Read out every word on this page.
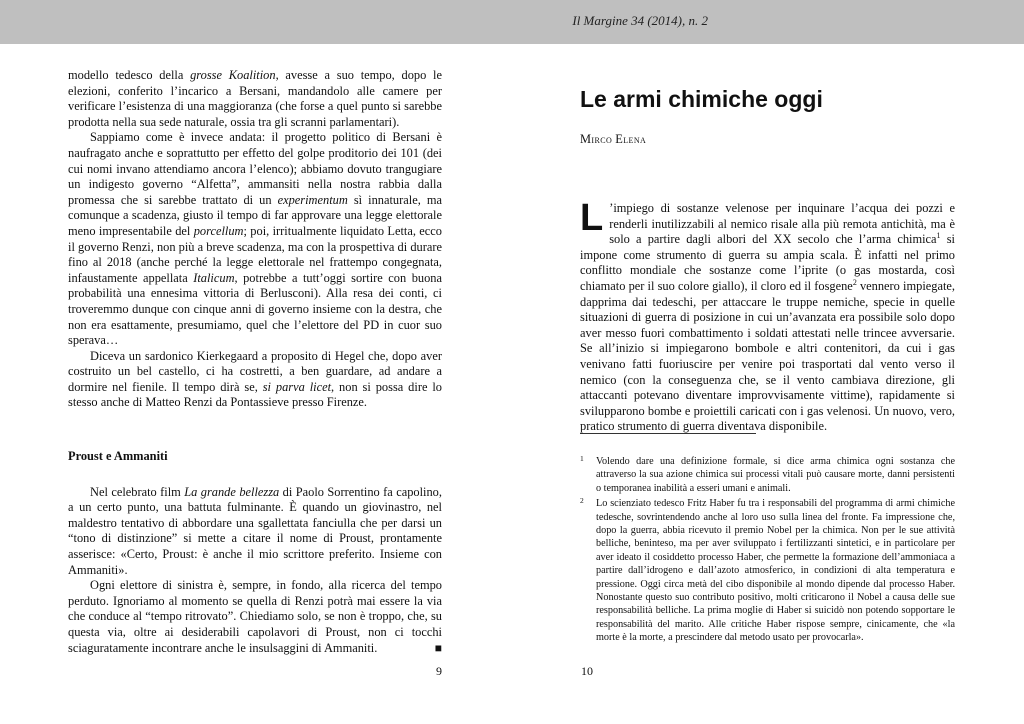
Il Margine 34 (2014), n. 2

modello tedesco della grosse Koalition, avesse a suo tempo, dopo le elezioni, conferito l’incarico a Bersani, mandandolo alle camere per verificare l’esistenza di una maggioranza (che forse a quel punto si sarebbe prodotta nella sua sede naturale, ossia tra gli scranni parlamentari).

Sappiamo come è invece andata: il progetto politico di Bersani è naufragato anche e soprattutto per effetto del golpe proditorio dei 101 (dei cui nomi invano attendiamo ancora l’elenco); abbiamo dovuto trangugiare un indigesto governo “Alfetta”, ammansiti nella nostra rabbia dalla promessa che si sarebbe trattato di un experimentum sì innaturale, ma comunque a scadenza, giusto il tempo di far approvare una legge elettorale meno impresentabile del porcellum; poi, irritualmente liquidato Letta, ecco il governo Renzi, non più a breve scadenza, ma con la prospettiva di durare fino al 2018 (anche perché la legge elettorale nel frattempo congegnata, infaustamente appellata Italicum, potrebbe a tutt’oggi sortire con buona probabilità una ennesima vittoria di Berlusconi). Alla resa dei conti, ci troveremmo dunque con cinque anni di governo insieme con la destra, che non era esattamente, presumiamo, quel che l’elettore del PD in cuor suo sperava…

Diceva un sardonico Kierkegaard a proposito di Hegel che, dopo aver costruito un bel castello, ci ha costretti, a ben guardare, ad andare a dormire nel fienile. Il tempo dirà se, si parva licet, non si possa dire lo stesso anche di Matteo Renzi da Pontassieve presso Firenze.

Proust e Ammaniti

Nel celebrato film La grande bellezza di Paolo Sorrentino fa capolino, a un certo punto, una battuta fulminante. È quando un giovinastro, nel maldestro tentativo di abbordare una sgallettata fanciulla che per darsi un “tono di distinzione” si mette a citare il nome di Proust, prontamente asserisce: «Certo, Proust: è anche il mio scrittore preferito. Insieme con Ammaniti».

Ogni elettore di sinistra è, sempre, in fondo, alla ricerca del tempo perduto. Ignoriamo al momento se quella di Renzi potrà mai essere la via che conduce al “tempo ritrovato”. Chiediamo solo, se non è troppo, che, su questa via, oltre ai desiderabili capolavori di Proust, non ci tocchi sciaguratamente incontrare anche le insulsaggini di Ammaniti.	■

9
Le armi chimiche oggi
Mirco Elena

L ’impiego di sostanze velenose per inquinare l’acqua dei pozzi e renderli inutilizzabili al nemico risale alla più remota antichità, ma è solo a partire dagli albori del XX secolo che l’arma chimica$^1$ si impone come strumento di guerra su ampia scala. È infatti nel primo conflitto mondiale che sostanze come l’iprite (o gas mostarda, così chiamato per il suo colore giallo), il cloro ed il fosgene$^2$ vennero impiegate, dapprima dai tedeschi, per attaccare le truppe nemiche, specie in quelle situazioni di guerra di posizione in cui un’avanzata era possibile solo dopo aver messo fuori combattimento i soldati attestati nelle trincee avversarie. Se all’inizio si impiegarono bombole e altri contenitori, da cui i gas venivano fatti fuoriuscire per venire poi trasportati dal vento verso il nemico (con la conseguenza che, se il vento cambiava direzione, gli attaccanti potevano diventare improvvisamente vittime), rapidamente si svilupparono bombe e proiettili caricati con i gas velenosi. Un nuovo, vero, pratico strumento di guerra diventava disponibile.

1 Volendo dare una definizione formale, si dice arma chimica ogni sostanza che attraverso la sua azione chimica sui processi vitali può causare morte, danni persistenti o temporanea inabilità a esseri umani e animali.
2 Lo scienziato tedesco Fritz Haber fu tra i responsabili del programma di armi chimiche tedesche, sovrintendendo anche al loro uso sulla linea del fronte. Fa impressione che, dopo la guerra, abbia ricevuto il premio Nobel per la chimica. Non per le sue attività belliche, beninteso, ma per aver sviluppato i fertilizzanti sintetici, e in particolare per aver ideato il cosiddetto processo Haber, che permette la formazione dell’ammoniaca a partire dall’idrogeno e dall’azoto atmosferico, in condizioni di alta temperatura e pressione. Oggi circa metà del cibo disponibile al mondo dipende dal processo Haber. Nonostante questo suo contributo positivo, molti criticarono il Nobel a causa delle sue responsabilità belliche. La prima moglie di Haber si suicidò non potendo sopportare le responsabilità del marito. Alle critiche Haber rispose sempre, cinicamente, che «la morte è la morte, a prescindere dal metodo usato per provocarla».
10
